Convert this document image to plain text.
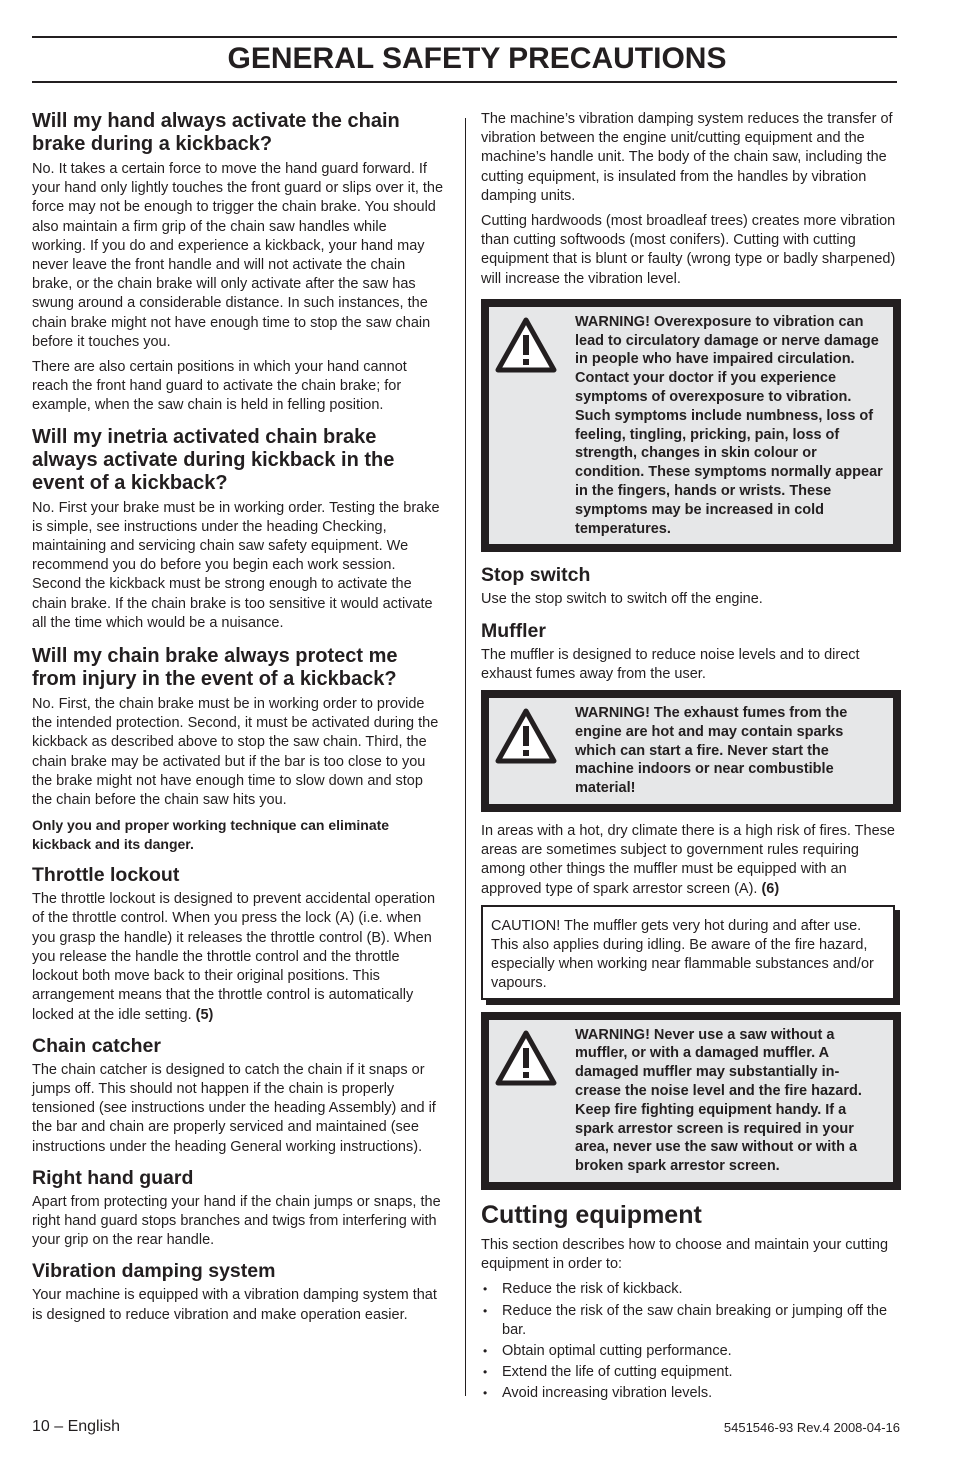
GENERAL SAFETY PRECAUTIONS
Will my hand always activate the chain brake during a kickback?

No. It takes a certain force to move the hand guard forward. If your hand only lightly touches the front guard or slips over it, the force may not be enough to trigger the chain brake. You should also maintain a firm grip of the chain saw handles while working. If you do and experience a kickback, your hand may never leave the front handle and will not activate the chain brake, or the chain brake will only activate after the saw has swung around a considerable distance. In such instances, the chain brake might not have enough time to stop the saw chain before it touches you.

There are also certain positions in which your hand cannot reach the front hand guard to activate the chain brake; for example, when the saw chain is held in felling position.

Will my inetria activated chain brake always activate during kickback in the event of a kickback?

No. First your brake must be in working order. Testing the brake is simple, see instructions under the heading Checking, maintaining and servicing chain saw safety equipment. We recommend you do before you begin each work session. Second the kickback must be strong enough to activate the chain brake. If the chain brake is too sensitive it would activate all the time which would be a nuisance.

Will my chain brake always protect me from injury in the event of a kickback?

No. First, the chain brake must be in working order to provide the intended protection. Second, it must be activated during the kickback as described above to stop the saw chain. Third, the chain brake may be activated but if the bar is too close to you the brake might not have enough time to slow down and stop the chain before the chain saw hits you.

Only you and proper working technique can eliminate kickback and its danger.

Throttle lockout

The throttle lockout is designed to prevent accidental operation of the throttle control. When you press the lock (A) (i.e. when you grasp the handle) it releases the throttle control (B). When you release the handle the throttle control and the throttle lockout both move back to their original positions. This arrangement means that the throttle control is automatically locked at the idle setting. (5)

Chain catcher

The chain catcher is designed to catch the chain if it snaps or jumps off. This should not happen if the chain is properly tensioned (see instructions under the heading Assembly) and if the bar and chain are properly serviced and maintained (see instructions under the heading General working instructions).

Right hand guard

Apart from protecting your hand if the chain jumps or snaps, the right hand guard stops branches and twigs from interfering with your grip on the rear handle.

Vibration damping system

Your machine is equipped with a vibration damping system that is designed to reduce vibration and make operation easier.

The machine’s vibration damping system reduces the transfer of vibration between the engine unit/cutting equipment and the machine’s handle unit. The body of the chain saw, including the cutting equipment, is insulated from the handles by vibration damping units.

Cutting hardwoods (most broadleaf trees) creates more vibration than cutting softwoods (most conifers). Cutting with cutting equipment that is blunt or faulty (wrong type or badly sharpened) will increase the vibration level.

WARNING! Overexposure to vibration can lead to circulatory damage or nerve damage in people who have impaired circulation. Contact your doctor if you experience symptoms of overexposure to vibration. Such symptoms include numbness, loss of feeling, tingling, pricking, pain, loss of strength, changes in skin colour or condition. These symptoms normally appear in the fingers, hands or wrists. These symptoms may be increased in cold temperatures.
Stop switch

Use the stop switch to switch off the engine.

Muffler

The muffler is designed to reduce noise levels and to direct exhaust fumes away from the user.

WARNING! The exhaust fumes from the engine are hot and may contain sparks which can start a fire. Never start the machine indoors or near combustible material!

In areas with a hot, dry climate there is a high risk of fires. These areas are sometimes subject to government rules requiring among other things the muffler must be equipped with an approved type of spark arrestor screen (A). (6)

CAUTION! The muffler gets very hot during and after use. This also applies during idling. Be aware of the fire hazard, especially when working near flammable substances and/or vapours.
WARNING! Never use a saw without a muffler, or with a damaged muffler. A damaged muffler may substantially in- crease the noise level and the fire hazard. Keep fire fighting equipment handy. If a spark arrestor screen is required in your area, never use the saw without or with a broken spark arrestor screen.
Cutting equipment

This section describes how to choose and maintain your cutting equipment in order to:

• Reduce the risk of kickback.
• Reduce the risk of the saw chain breaking or jumping off the bar.
• Obtain optimal cutting performance.
• Extend the life of cutting equipment.
• Avoid increasing vibration levels.
10 – English	5451546-93 Rev.4 2008-04-16
